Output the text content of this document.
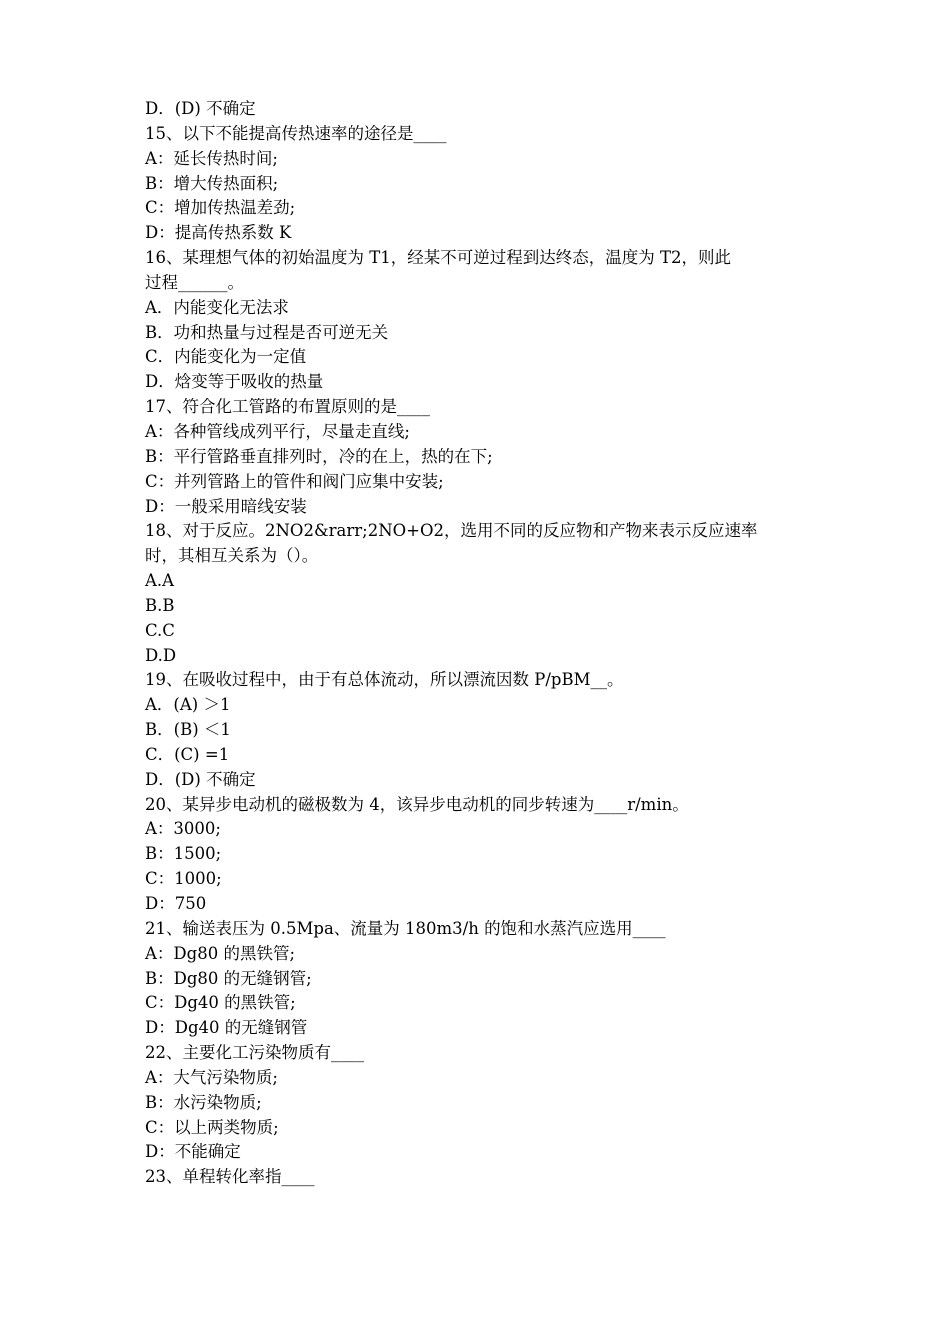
D．(D) 不确定
15、以下不能提高传热速率的途径是____
A：延长传热时间;
B：增大传热面积;
C：增加传热温差劲;
D：提高传热系数 K
16、某理想气体的初始温度为 T1，经某不可逆过程到达终态，温度为 T2，则此
过程______。
A．内能变化无法求
B．功和热量与过程是否可逆无关
C．内能变化为一定值
D．焓变等于吸收的热量
17、符合化工管路的布置原则的是____
A：各种管线成列平行，尽量走直线;
B：平行管路垂直排列时，冷的在上，热的在下;
C：并列管路上的管件和阀门应集中安装;
D：一般采用暗线安装
18、对于反应。2NO2&rarr;2NO+O2，选用不同的反应物和产物来表示反应速率
时，其相互关系为（）。
A.A
B.B
C.C
D.D
19、在吸收过程中，由于有总体流动，所以漂流因数 P/pBM__。
A．(A) ＞1
B．(B) ＜1
C．(C) =1
D．(D) 不确定
20、某异步电动机的磁极数为 4，该异步电动机的同步转速为____r/min。
A：3000;
B：1500;
C：1000;
D：750
21、输送表压为 0.5Mpa、流量为 180m3/h 的饱和水蒸汽应选用____
A：Dg80 的黑铁管;
B：Dg80 的无缝钢管;
C：Dg40 的黑铁管;
D：Dg40 的无缝钢管
22、主要化工污染物质有____
A：大气污染物质;
B：水污染物质;
C：以上两类物质;
D：不能确定
23、单程转化率指____
